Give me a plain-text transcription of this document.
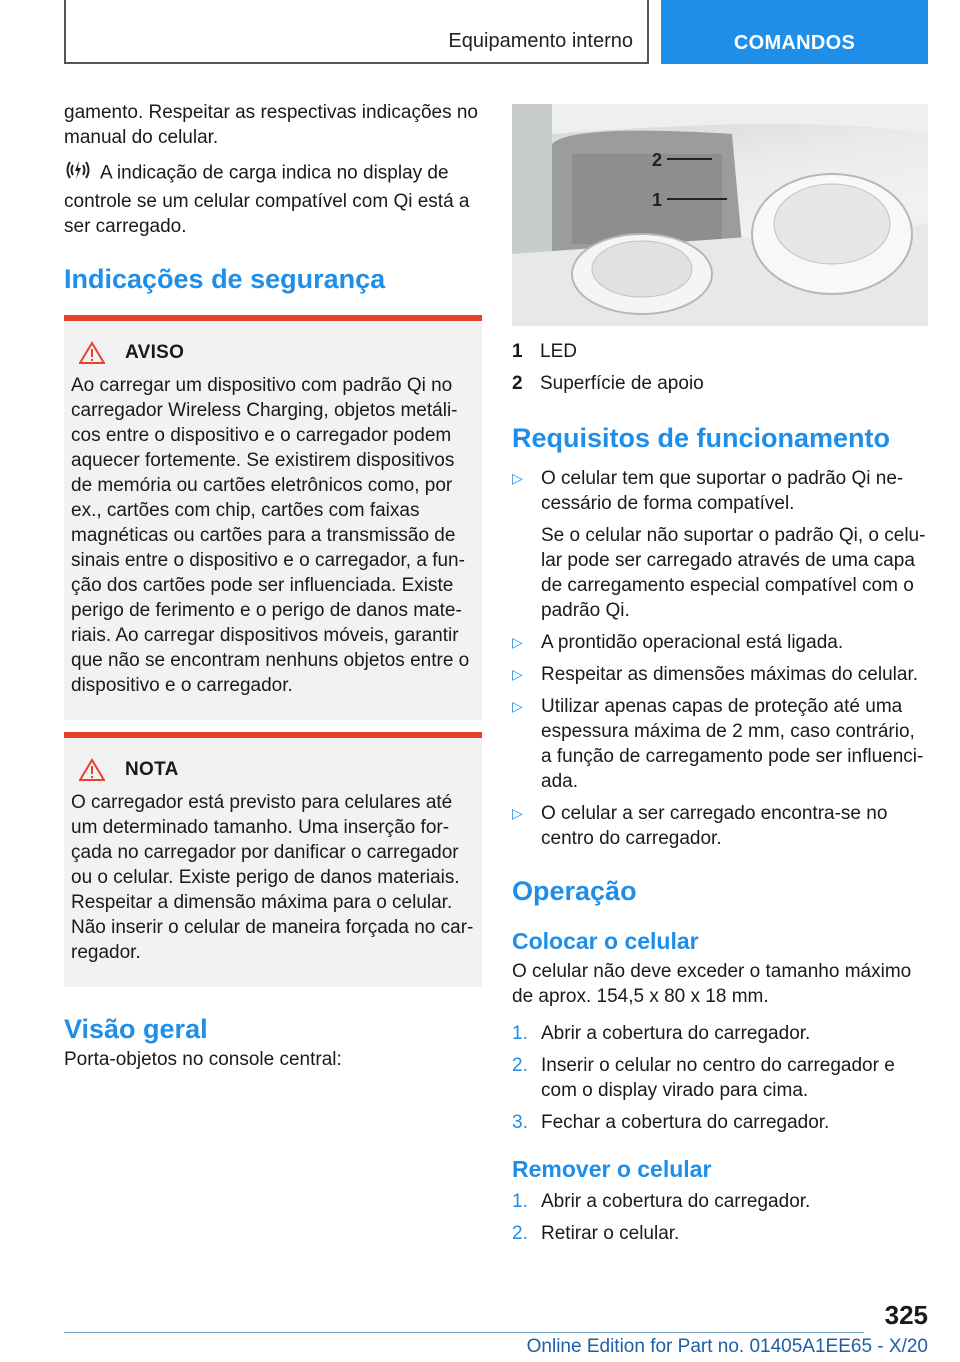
Equipamento interno	COMANDOS

gamento. Respeitar as respectivas indicações no manual do celular.

A indicação de carga indica no display de controle se um celular compatível com Qi está a ser carregado.

Indicações de segurança
AVISO

Ao carregar um dispositivo com padrão Qi no carregador Wireless Charging, objetos metálicos entre o dispositivo e o carregador podem aquecer fortemente. Se existirem dispositivos de memória ou cartões eletrônicos como, por ex., cartões com chip, cartões com faixas magnéticas ou cartões para a transmissão de sinais entre o dispositivo e o carregador, a função dos cartões pode ser influenciada. Existe perigo de ferimento e o perigo de danos materiais. Ao carregar dispositivos móveis, garantir que não se encontram nenhuns objetos entre o dispositivo e o carregador.

NOTA

O carregador está previsto para celulares até um determinado tamanho. Uma inserção forçada no carregador por danificar o carregador ou o celular. Existe perigo de danos materiais. Respeitar a dimensão máxima para o celular. Não inserir o celular de maneira forçada no carregador.

Visão geral

Porta-objetos no console central:

2
1
1 LED
2 Superfície de apoio
Requisitos de funcionamento
▷ O celular tem que suportar o padrão Qi necessário de forma compatível.

Se o celular não suportar o padrão Qi, o celular pode ser carregado através de uma capa de carregamento especial compatível com o padrão Qi.

▷ A prontidão operacional está ligada.

▷ Respeitar as dimensões máximas do celular.

▷ Utilizar apenas capas de proteção até uma espessura máxima de 2 mm, caso contrário, a função de carregamento pode ser influenciada.

▷ O celular a ser carregado encontra-se no centro do carregador.

Operação
Colocar o celular

O celular não deve exceder o tamanho máximo de aprox. 154,5 x 80 x 18 mm.

1. Abrir a cobertura do carregador.
2. Inserir o celular no centro do carregador e com o display virado para cima.
3. Fechar a cobertura do carregador.
Remover o celular
1. Abrir a cobertura do carregador.
2. Retirar o celular.
325
Online Edition for Part no. 01405A1EE65 - X/20
